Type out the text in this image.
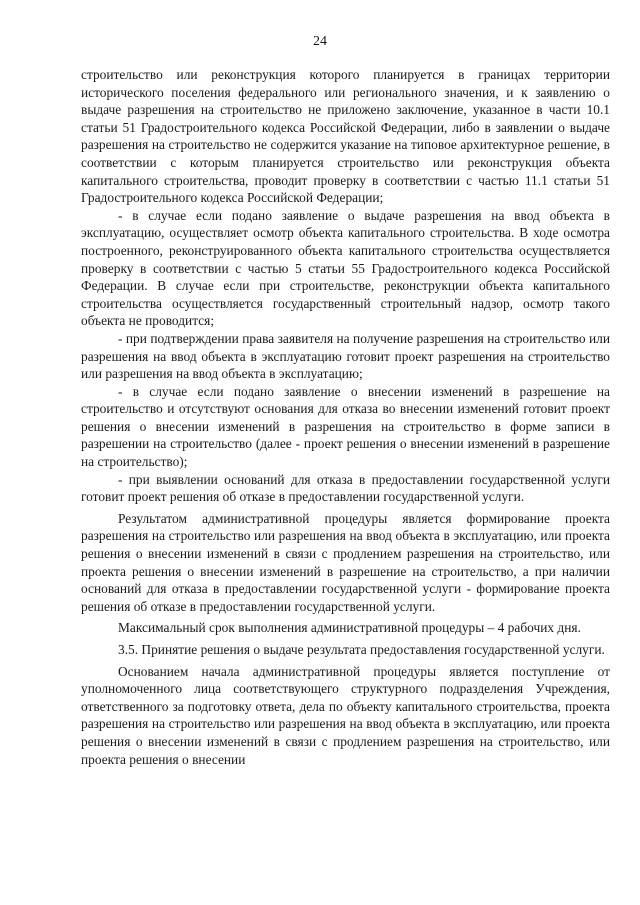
24

строительство или реконструкция которого планируется в границах территории исторического поселения федерального или регионального значения, и к заявлению о выдаче разрешения на строительство не приложено заключение, указанное в части 10.1 статьи 51 Градостроительного кодекса Российской Федерации, либо в заявлении о выдаче разрешения на строительство не содержится указание на типовое архитектурное решение, в соответствии с которым планируется строительство или реконструкция объекта капитального строительства, проводит проверку в соответствии с частью 11.1 статьи 51 Градостроительного кодекса Российской Федерации;

- в случае если подано заявление о выдаче разрешения на ввод объекта в эксплуатацию, осуществляет осмотр объекта капитального строительства. В ходе осмотра построенного, реконструированного объекта капитального строительства осуществляется проверку в соответствии с частью 5 статьи 55 Градостроительного кодекса Российской Федерации. В случае если при строительстве, реконструкции объекта капитального строительства осуществляется государственный строительный надзор, осмотр такого объекта не проводится;

- при подтверждении права заявителя на получение разрешения на строительство или разрешения на ввод объекта в эксплуатацию готовит проект разрешения на строительство или разрешения на ввод объекта в эксплуатацию;

- в случае если подано заявление о внесении изменений в разрешение на строительство и отсутствуют основания для отказа во внесении изменений готовит проект решения о внесении изменений в разрешения на строительство в форме записи в разрешении на строительство (далее - проект решения о внесении изменений в разрешение на строительство);

- при выявлении оснований для отказа в предоставлении государственной услуги готовит проект решения об отказе в предоставлении государственной услуги.

Результатом административной процедуры является формирование проекта разрешения на строительство или разрешения на ввод объекта в эксплуатацию, или проекта решения о внесении изменений в связи с продлением разрешения на строительство, или проекта решения о внесении изменений в разрешение на строительство, а при наличии оснований для отказа в предоставлении государственной услуги - формирование проекта решения об отказе в предоставлении государственной услуги.

Максимальный срок выполнения административной процедуры – 4 рабочих дня.

3.5. Принятие решения о выдаче результата предоставления государственной услуги.

Основанием начала административной процедуры является поступление от уполномоченного лица соответствующего структурного подразделения Учреждения, ответственного за подготовку ответа, дела по объекту капитального строительства, проекта разрешения на строительство или разрешения на ввод объекта в эксплуатацию, или проекта решения о внесении изменений в связи с продлением разрешения на строительство, или проекта решения о внесении
